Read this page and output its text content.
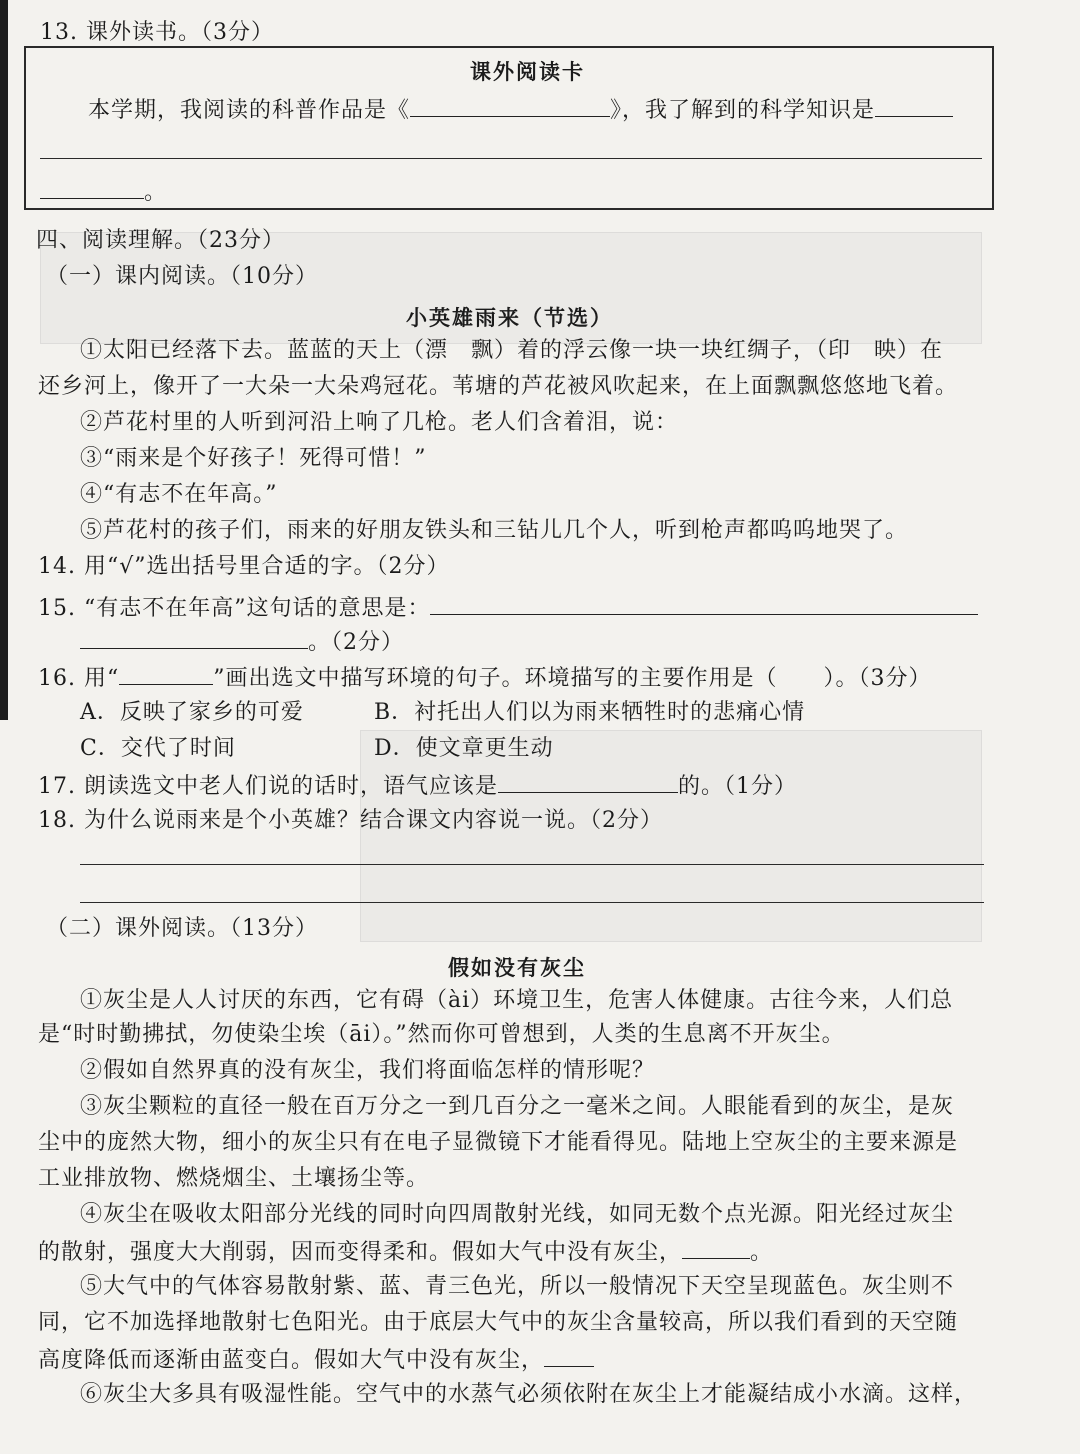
13. 课外读书。（3分）
课外阅读卡
本学期，我阅读的科普作品是《	》，我了解到的科学知识是
。
四、阅读理解。（23分）
（一）课内阅读。（10分）
小英雄雨来（节选）
①太阳已经落下去。蓝蓝的天上（漂　飘）着的浮云像一块一块红绸子，（印　映）在
还乡河上，像开了一大朵一大朵鸡冠花。苇塘的芦花被风吹起来，在上面飘飘悠悠地飞着。
②芦花村里的人听到河沿上响了几枪。老人们含着泪，说：
③“雨来是个好孩子！死得可惜！”
④“有志不在年高。”
⑤芦花村的孩子们，雨来的好朋友铁头和三钻儿几个人，听到枪声都呜呜地哭了。
14. 用“√”选出括号里合适的字。（2分）
15. “有志不在年高”这句话的意思是：
。（2分）
16. 用“	”画出选文中描写环境的句子。环境描写的主要作用是（　　）。（3分）
A．反映了家乡的可爱	B．衬托出人们以为雨来牺牲时的悲痛心情
C．交代了时间	D．使文章更生动
17. 朗读选文中老人们说的话时，语气应该是	的。（1分）
18. 为什么说雨来是个小英雄？结合课文内容说一说。（2分）
（二）课外阅读。（13分）
假如没有灰尘
①灰尘是人人讨厌的东西，它有碍（ài）环境卫生，危害人体健康。古往今来，人们总
是“时时勤拂拭，勿使染尘埃（āi）。”然而你可曾想到，人类的生息离不开灰尘。
②假如自然界真的没有灰尘，我们将面临怎样的情形呢？
③灰尘颗粒的直径一般在百万分之一到几百分之一毫米之间。人眼能看到的灰尘，是灰
尘中的庞然大物，细小的灰尘只有在电子显微镜下才能看得见。陆地上空灰尘的主要来源是
工业排放物、燃烧烟尘、土壤扬尘等。
④灰尘在吸收太阳部分光线的同时向四周散射光线，如同无数个点光源。阳光经过灰尘
的散射，强度大大削弱，因而变得柔和。假如大气中没有灰尘，	。
⑤大气中的气体容易散射紫、蓝、青三色光，所以一般情况下天空呈现蓝色。灰尘则不
同，它不加选择地散射七色阳光。由于底层大气中的灰尘含量较高，所以我们看到的天空随
高度降低而逐渐由蓝变白。假如大气中没有灰尘，
⑥灰尘大多具有吸湿性能。空气中的水蒸气必须依附在灰尘上才能凝结成小水滴。这样，
